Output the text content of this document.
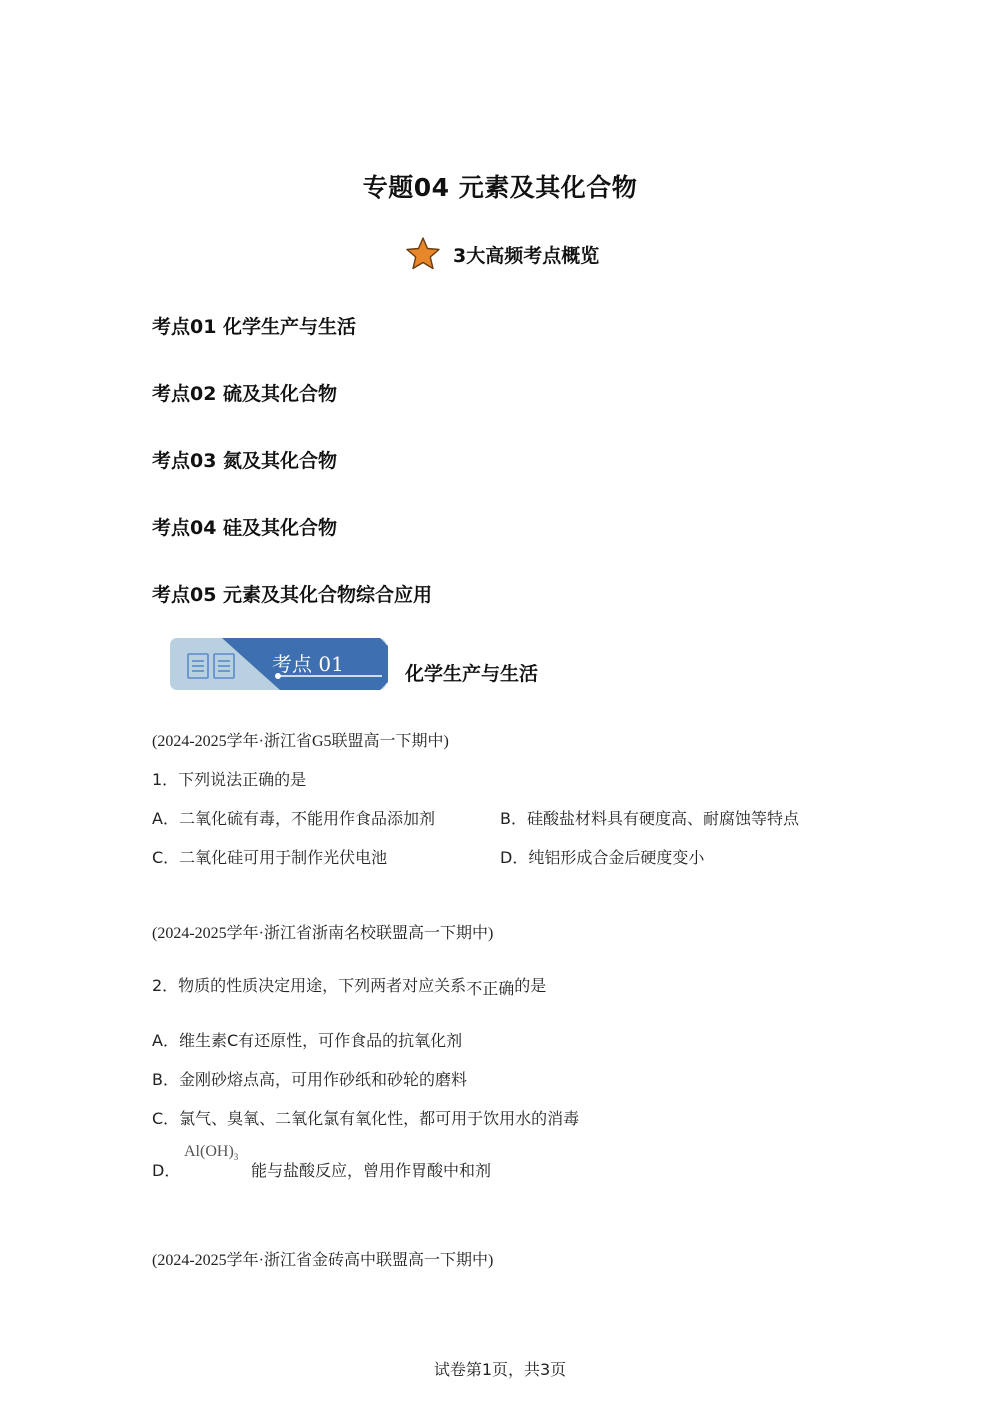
专题04 元素及其化合物
3大高频考点概览
考点01 化学生产与生活
考点02 硫及其化合物
考点03 氮及其化合物
考点04 硅及其化合物
考点05 元素及其化合物综合应用
考点 01	化学生产与生活
(2024-2025学年·浙江省G5联盟高一下期中)
1．下列说法正确的是
A．二氧化硫有毒，不能用作食品添加剂	B．硅酸盐材料具有硬度高、耐腐蚀等特点
C．二氧化硅可用于制作光伏电池	D．纯铝形成合金后硬度变小
(2024-2025学年·浙江省浙南名校联盟高一下期中)
2．物质的性质决定用途，下列两者对应关系不正确的是
A．维生素C有还原性，可作食品的抗氧化剂
B．金刚砂熔点高，可用作砂纸和砂轮的磨料
C．氯气、臭氧、二氧化氯有氧化性，都可用于饮用水的消毒
D．
$Al(OH)_3$
能与盐酸反应，曾用作胃酸中和剂
(2024-2025学年·浙江省金砖高中联盟高一下期中)
试卷第1页，共3页
